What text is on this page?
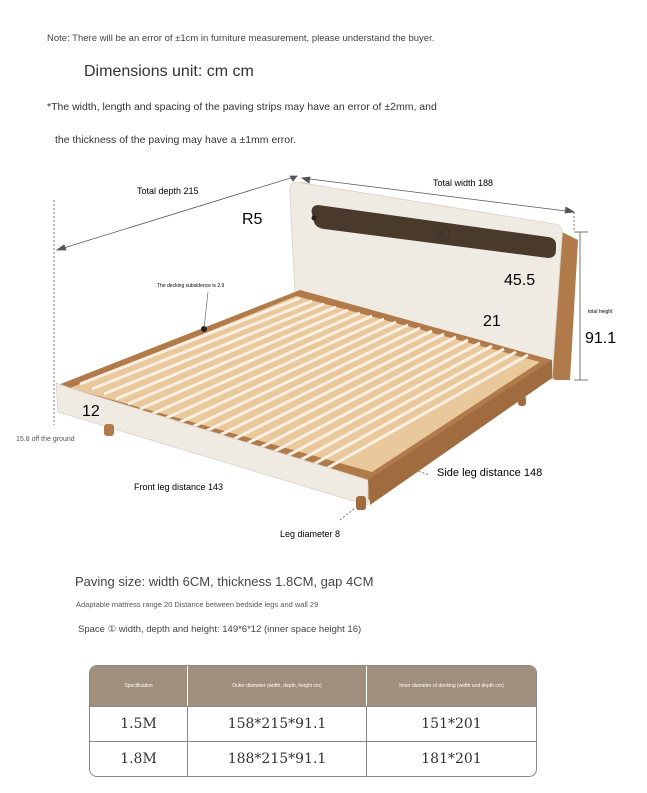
Note: There will be an error of ±1cm in furniture measurement, please understand the buyer.
Dimensions unit: cm cm
*The width, length and spacing of the paving strips may have an error of ±2mm, and
the thickness of the paving may have a ±1mm error.
Total depth 215
Total width 188
R5
①
45.5
The decking subsidence is 2.9
21
total height
91.1
12
15.8 off the ground
Side leg distance 148
Front leg distance 143
Leg diameter 8
Paving size: width 6CM, thickness 1.8CM, gap 4CM
Adaptable mattress range 20 Distance between bedside legs and wall 29
Space ① width, depth and height: 149*6*12 (inner space height 16)
Specification	Outer diameter (width, depth, height cm)	Inner diameter of decking (width and depth cm)
1.5M	158*215*91.1	151*201
1.8M	188*215*91.1	181*201
